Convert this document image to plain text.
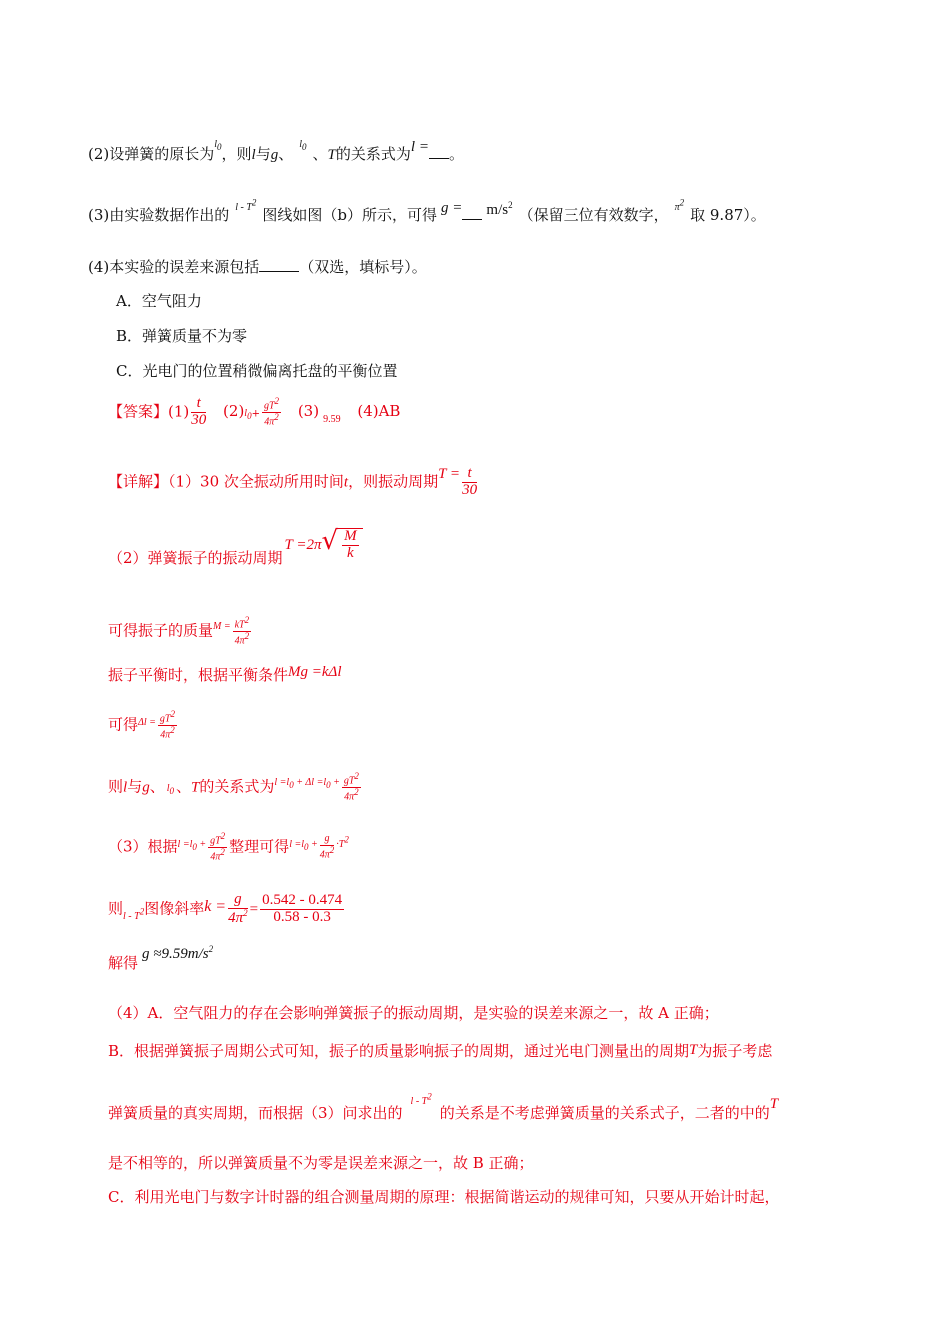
(2)设弹簧的原长为$^{l0}$，则l与g、$^{l0}$ 、T的关系式为l = 。
(3)由实验数据作出的 $^{l - T2}$图线如图（b）所示，可得 $g = m/s^2$（保留三位有效数字， $^{\pi 2}$取 9.87）。
(4)本实验的误差来源包括	（双选，填标号）。
A．空气阻力
B．弹簧质量不为零
C．光电门的位置稍微偏离托盘的平衡位置
【答案】$(1) \frac{t}{30} (2)l0+ \frac{gT2}{4\pi 2} (3)$ $_{9.59}$ (4)AB
【详解】（1）30 次全振动所用时间t，则振动周期$T = \frac{t}{30}$
（2）弹簧振子的振动周期$T =2\pi√ \frac{M}{k}$
可得振子的质量$^{M =} \frac{kT2}{4\pi 2}$
振子平衡时，根据平衡条件Mg =kΔl
可得$^{\Delta l =} \frac{gT2}{4\pi 2}$
则l与g、 l0 、T的关系式为$^{l =l0 + \Delta l =l0 +} \frac{gT2}{4\pi 2}$
（3）根据$^{l =l0 +} \frac{gT2}{4\pi 2}$ 整理可得$^{l =l0 +} \frac{g}{4\pi 2} ^{\cdot T2}$
则$_{l - T2}$图像斜率$k = \frac{g}{4\pi^2} = \frac{0.542 - 0.474}{0.58 - 0.3}$
解得 $g \approx 9.59m/s^2$
（4）A．空气阻力的存在会影响弹簧振子的振动周期，是实验的误差来源之一，故 A 正确；
B．根据弹簧振子周期公式可知，振子的质量影响振子的周期，通过光电门测量出的周期T为振子考虑
弹簧质量的真实周期，而根据（3）问求出的$^{l - T2}$的关系是不考虑弹簧质量的关系式子，二者的中的T
是不相等的，所以弹簧质量不为零是误差来源之一，故 B 正确；
C．利用光电门与数字计时器的组合测量周期的原理：根据简谐运动的规律可知，只要从开始计时起，
